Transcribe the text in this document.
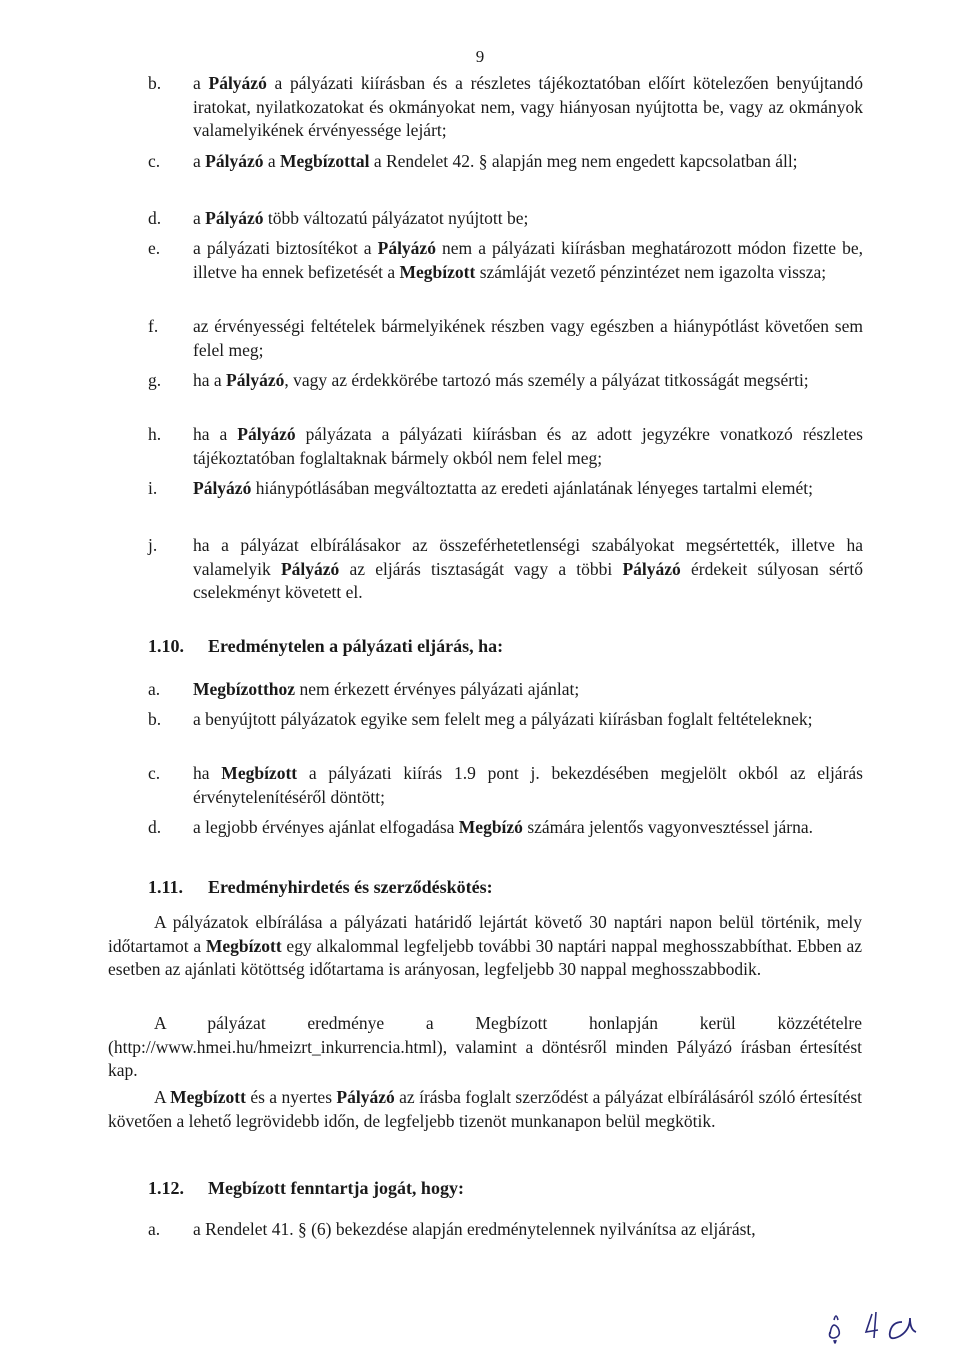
9
b. a Pályázó a pályázati kiírásban és a részletes tájékoztatóban előírt kötelezően benyújtandó iratokat, nyilatkozatokat és okmányokat nem, vagy hiányosan nyújtotta be, vagy az okmányok valamelyikének érvényessége lejárt;
c. a Pályázó a Megbízottal a Rendelet 42. § alapján meg nem engedett kapcsolatban áll;
d. a Pályázó több változatú pályázatot nyújtott be;
e. a pályázati biztosítékot a Pályázó nem a pályázati kiírásban meghatározott módon fizette be, illetve ha ennek befizetését a Megbízott számláját vezető pénzintézet nem igazolta vissza;
f. az érvényességi feltételek bármelyikének részben vagy egészben a hiánypótlást követően sem felel meg;
g. ha a Pályázó, vagy az érdekkörébe tartozó más személy a pályázat titkosságát megsérti;
h. ha a Pályázó pályázata a pályázati kiírásban és az adott jegyzékre vonatkozó részletes tájékoztatóban foglaltaknak bármely okból nem felel meg;
i. Pályázó hiánypótlásában megváltoztatta az eredeti ajánlatának lényeges tartalmi elemét;
j. ha a pályázat elbírálásakor az összeférhetetlenségi szabályokat megsértették, illetve ha valamelyik Pályázó az eljárás tisztaságát vagy a többi Pályázó érdekeit súlyosan sértő cselekményt követett el.
1.10. Eredménytelen a pályázati eljárás, ha:
a. Megbízotthoz nem érkezett érvényes pályázati ajánlat;
b. a benyújtott pályázatok egyike sem felelt meg a pályázati kiírásban foglalt feltételeknek;
c. ha Megbízott a pályázati kiírás 1.9 pont j. bekezdésében megjelölt okból az eljárás érvénytelenítéséről döntött;
d. a legjobb érvényes ajánlat elfogadása Megbízó számára jelentős vagyonvesztéssel járna.
1.11. Eredményhirdetés és szerződéskötés:
A pályázatok elbírálása a pályázati határidő lejártát követő 30 naptári napon belül történik, mely időtartamot a Megbízott egy alkalommal legfeljebb további 30 naptári nappal meghosszabbíthat. Ebben az esetben az ajánlati kötöttség időtartama is arányosan, legfeljebb 30 nappal meghosszabbodik.
A pályázat eredménye a Megbízott honlapján kerül közzétételre (http://www.hmei.hu/hmeizrt_inkurrencia.html), valamint a döntésről minden Pályázó írásban értesítést kap.
A Megbízott és a nyertes Pályázó az írásba foglalt szerződést a pályázat elbírálásáról szóló értesítést követően a lehető legrövidebb időn, de legfeljebb tizenöt munkanapon belül megkötik.
1.12. Megbízott fenntartja jogát, hogy:
a. a Rendelet 41. § (6) bekezdése alapján eredménytelennek nyilvánítsa az eljárást,
